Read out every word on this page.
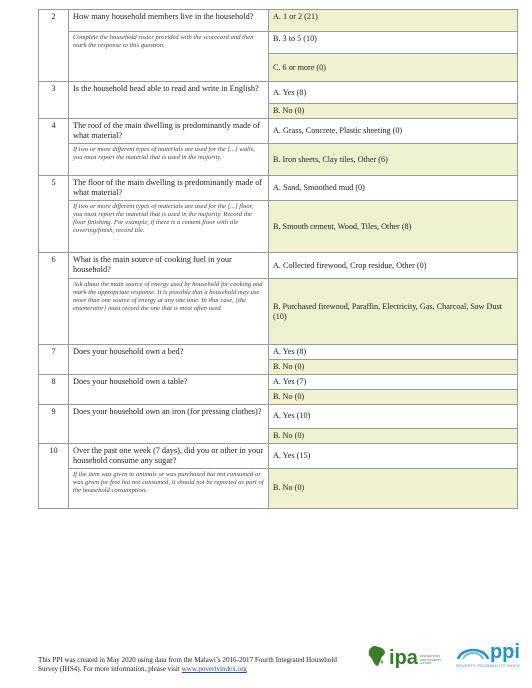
2	How many household members live in the household?	A. 1 or 2 (21)

	Complete the household roster provided with the scorecard and then mark the response to this question.	B. 3 to 5 (10)
		C. 6 or more (0)
3	Is the household head able to read and write in English?	A. Yes (8)
		B. No (0)
4	The roof of the main dwelling is predominantly made of what material?	A. Grass, Concrete, Plastic sheeting (0)

	If two or more different types of materials are used for the [...] walls, you must report the material that is used in the majority.	B. Iron sheets, Clay tiles, Other (6)
5	The floor of the main dwelling is predominantly made of what material?	A. Sand, Smoothed mud (0)

	If two or more different types of materials are used for the [...] floor, you must report the material that is used in the majority. Record the floor finishing. For example, if there is a cement floor with tile covering/finish, record tile.	B. Smooth cement, Wood, Tiles, Other (8)
6	What is the main source of cooking fuel in your household?	A. Collected firewood, Crop residue, Other (0)

	Ask about the main source of energy used by household for cooking and mark the appropriate response. It is possible that a household may use more than one source of energy at any one time. In that case, [the enumerator] must record the one that is most often used.	B. Purchased firewood, Paraffin, Electricity, Gas, Charcoal, Saw Dust (10)
7	Does your household own a bed?	A. Yes (8)
		B. No (0)
8	Does your household own a table?	A. Yes (7)
		B. No (0)
9	Does your household own an iron (for pressing clothes)?	A. Yes (10)
		B. No (0)
10	Over the past one week (7 days), did you or other in your household consume any sugar?	A. Yes (15)

	If the item was given to animals or was purchased but not consumed or was given for free but not consumed, it should not be reported as part of the household consumption.	B. No (0)
This PPI was created in May 2020 using data from the Malawi’s 2016-2017 Fourth Integrated Household Survey (IHS4). For more information, please visit www.povertyindex.org
ipa INNOVATIONS FOR POVERTY ACTION
ppi
POVERTY PROBABILITY INDEX
